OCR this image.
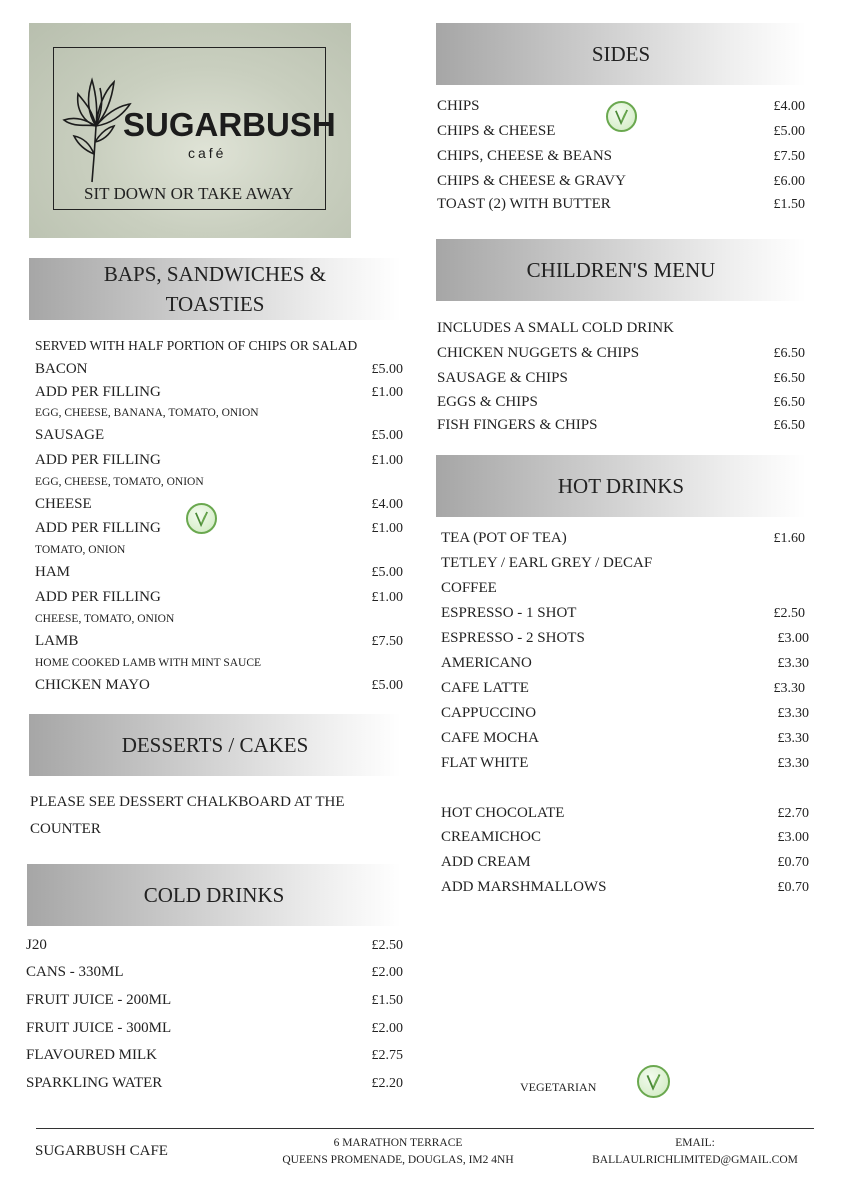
SUGARBUSH
café
SIT DOWN OR TAKE AWAY
BAPS, SANDWICHES &
TOASTIES
SERVED WITH HALF PORTION OF CHIPS OR SALAD
BACON	£5.00
ADD PER FILLING	£1.00
EGG, CHEESE, BANANA, TOMATO, ONION
SAUSAGE	£5.00
ADD PER FILLING	£1.00
EGG, CHEESE, TOMATO, ONION
CHEESE	£4.00
ADD PER FILLING	£1.00
TOMATO, ONION
HAM	£5.00
ADD PER FILLING	£1.00
CHEESE, TOMATO, ONION
LAMB	£7.50
HOME COOKED LAMB WITH MINT SAUCE
CHICKEN MAYO	£5.00
DESSERTS / CAKES
PLEASE SEE DESSERT CHALKBOARD AT THE
COUNTER
COLD DRINKS
J20	£2.50
CANS - 330ML	£2.00
FRUIT JUICE - 200ML	£1.50
FRUIT JUICE - 300ML	£2.00
FLAVOURED MILK	£2.75
SPARKLING WATER	£2.20
SIDES
CHIPS	£4.00
CHIPS & CHEESE	£5.00
CHIPS, CHEESE & BEANS	£7.50
CHIPS & CHEESE & GRAVY	£6.00
TOAST (2) WITH BUTTER	£1.50
CHILDREN'S MENU
INCLUDES A SMALL COLD DRINK
CHICKEN NUGGETS & CHIPS	£6.50
SAUSAGE & CHIPS	£6.50
EGGS & CHIPS	£6.50
FISH FINGERS & CHIPS	£6.50
HOT DRINKS
TEA (POT OF TEA)	£1.60
TETLEY / EARL GREY / DECAF
COFFEE
ESPRESSO - 1 SHOT	£2.50
ESPRESSO - 2 SHOTS	£3.00
AMERICANO	£3.30
CAFE LATTE	£3.30
CAPPUCCINO	£3.30
CAFE MOCHA	£3.30
FLAT WHITE	£3.30
HOT CHOCOLATE	£2.70
CREAMICHOC	£3.00
ADD CREAM	£0.70
ADD MARSHMALLOWS	£0.70
VEGETARIAN
SUGARBUSH CAFE	6 MARATHON TERRACE
QUEENS PROMENADE, DOUGLAS, IM2 4NH
EMAIL:
BALLAULRICHLIMITED@GMAIL.COM
